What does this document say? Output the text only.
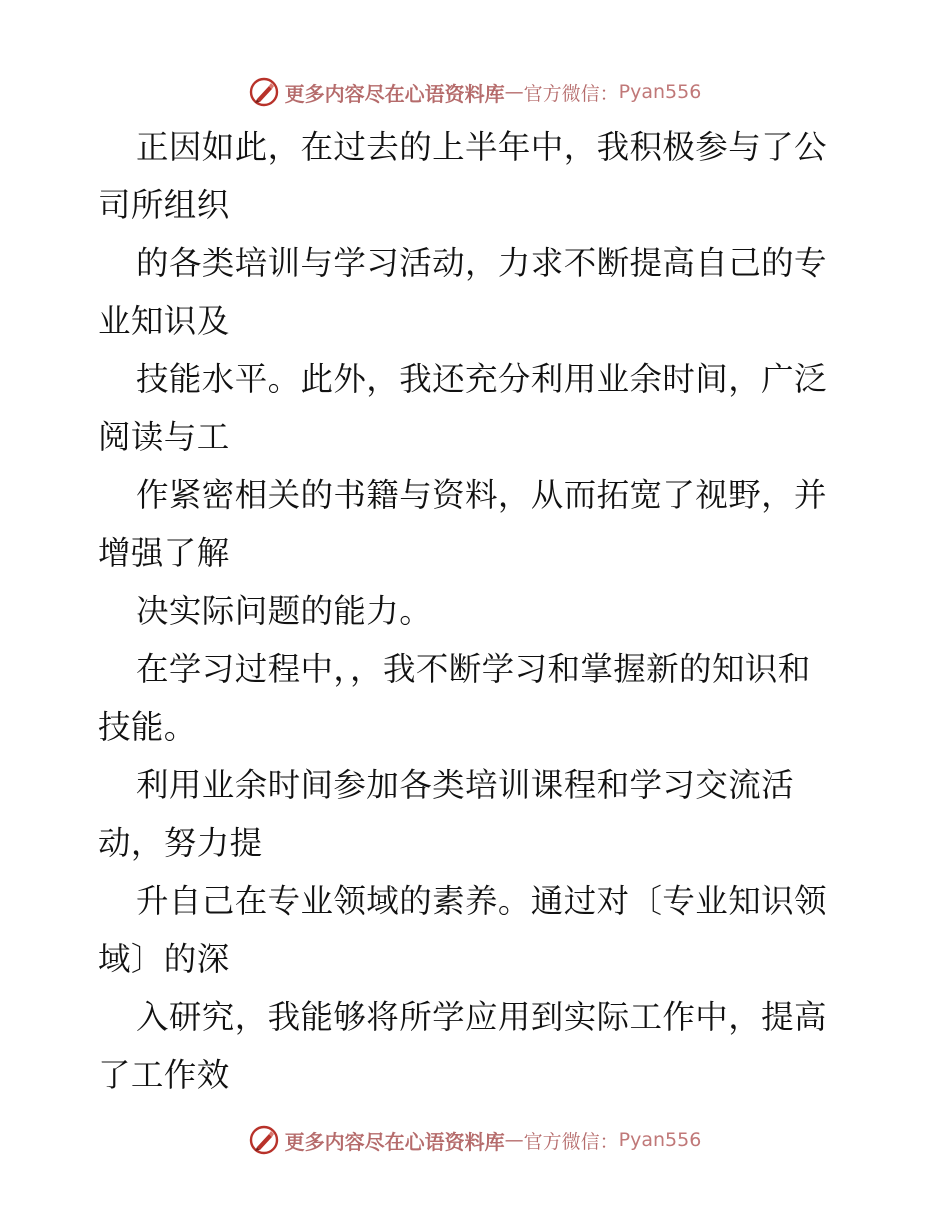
更多内容尽在心语资料库 — 官方微信： Pyan556
正因如此，在过去的上半年中，我积极参与了公
司所组织
的各类培训与学习活动，力求不断提高自己的专
业知识及
技能水平。此外，我还充分利用业余时间，广泛
阅读与工
作紧密相关的书籍与资料，从而拓宽了视野，并
增强了解
决实际问题的能力。
在学习过程中，，我不断学习和掌握新的知识和
技能。
利用业余时间参加各类培训课程和学习交流活
动，努力提
升自己在专业领域的素养。通过对〔专业知识领
域〕的深
入研究，我能够将所学应用到实际工作中，提高
了工作效
更多内容尽在心语资料库 — 官方微信： Pyan556
